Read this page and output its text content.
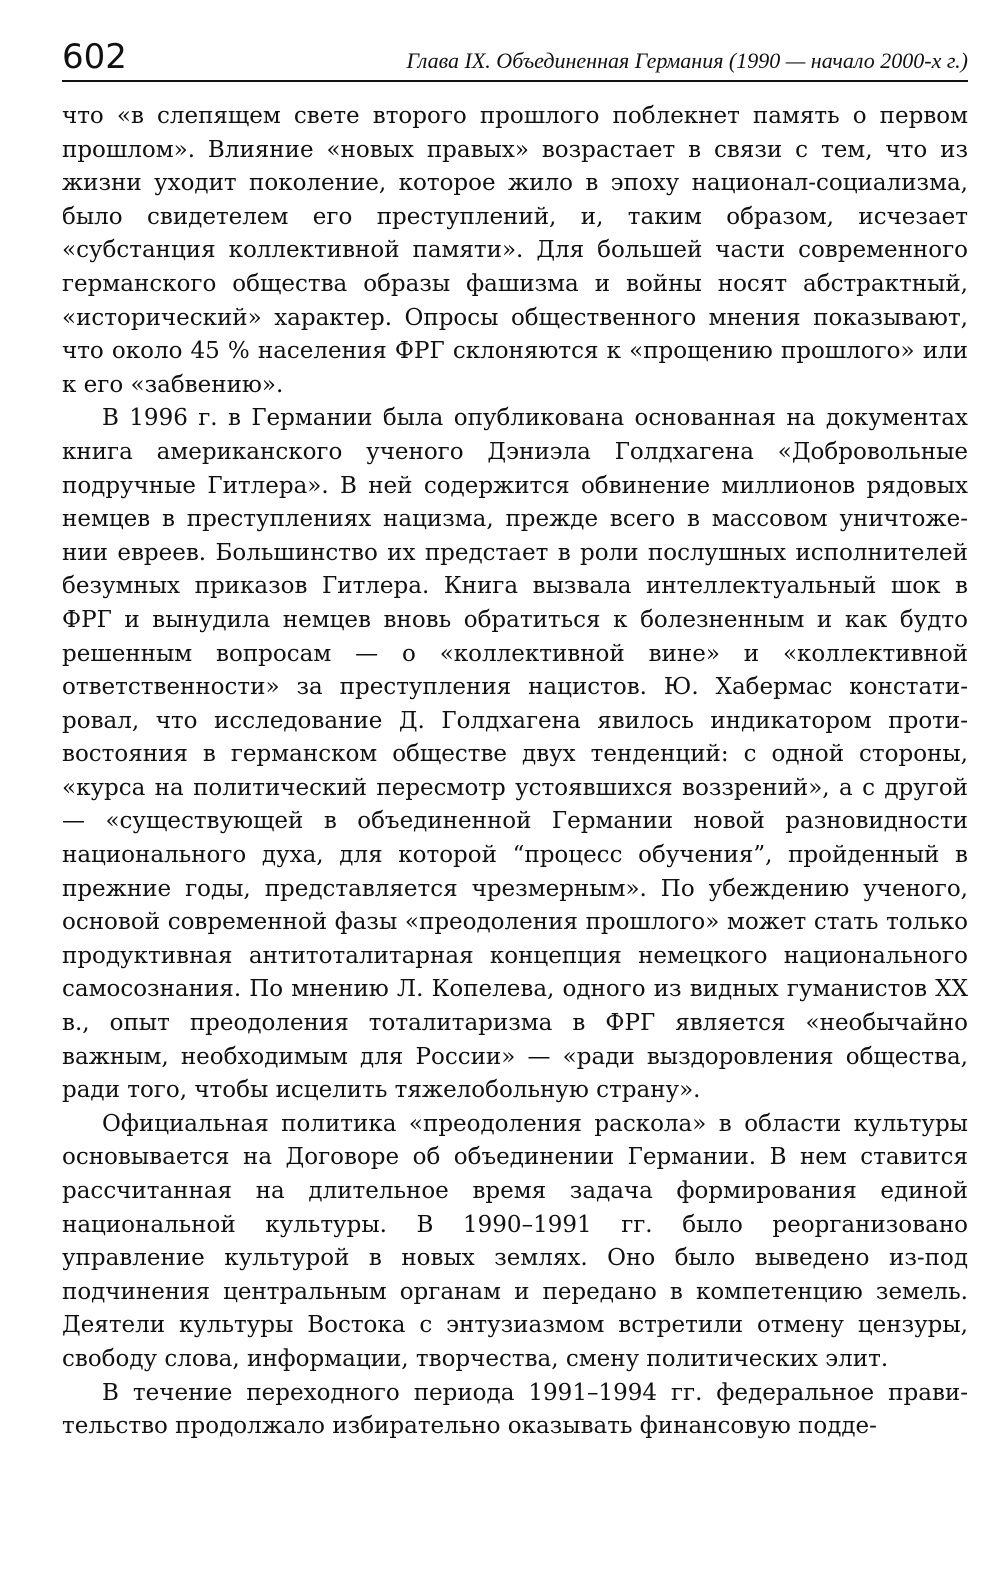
602	Глава IX. Объединенная Германия (1990 — начало 2000-х г.)

что «в слепящем свете второго прошлого поблекнет память о первом прошлом». Влияние «новых правых» возрастает в связи с тем, что из жизни уходит поколение, которое жило в эпоху национал-социализма, было свидетелем его преступлений, и, таким образом, исчезает «субстанция коллективной памяти». Для большей части современного германского общества образы фашизма и войны носят абстрактный, «исторический» характер. Опросы общественного мнения показывают, что около 45 % населения ФРГ склоняются к «прощению прошлого» или к его «забвению».

В 1996 г. в Германии была опубликована основанная на документах книга американского ученого Дэниэла Голдхагена «Добровольные подручные Гитлера». В ней содержится обвинение миллионов рядовых немцев в преступлениях нацизма, прежде всего в массовом уничтожении евреев. Большинство их предстает в роли послушных исполнителей безумных приказов Гитлера. Книга вызвала интеллектуальный шок в ФРГ и вынудила немцев вновь обратиться к болезненным и как будто решенным вопросам — о «коллективной вине» и «коллективной ответственности» за преступления нацистов. Ю. Хабермас констатировал, что исследование Д. Голдхагена явилось индикатором противостояния в германском обществе двух тенденций: с одной стороны, «курса на политический пересмотр устоявшихся воззрений», а с другой — «существующей в объединенной Германии новой разновидности национального духа, для которой “процесс обучения”, пройденный в прежние годы, представляется чрезмерным». По убеждению ученого, основой современной фазы «преодоления прошлого» может стать только продуктивная антитоталитарная концепция немецкого национального самосознания. По мнению Л. Копелева, одного из видных гуманистов XX в., опыт преодоления тоталитаризма в ФРГ является «необычайно важным, необходимым для России» — «ради выздоровления общества, ради того, чтобы исцелить тяжелобольную страну».

Официальная политика «преодоления раскола» в области культуры основывается на Договоре об объединении Германии. В нем ставится рассчитанная на длительное время задача формирования единой национальной культуры. В 1990–1991 гг. было реорганизовано управление культурой в новых землях. Оно было выведено из-под подчинения центральным органам и передано в компетенцию земель. Деятели культуры Востока с энтузиазмом встретили отмену цензуры, свободу слова, информации, творчества, смену политических элит.

В течение переходного периода 1991–1994 гг. федеральное правительство продолжало избирательно оказывать финансовую подде-
